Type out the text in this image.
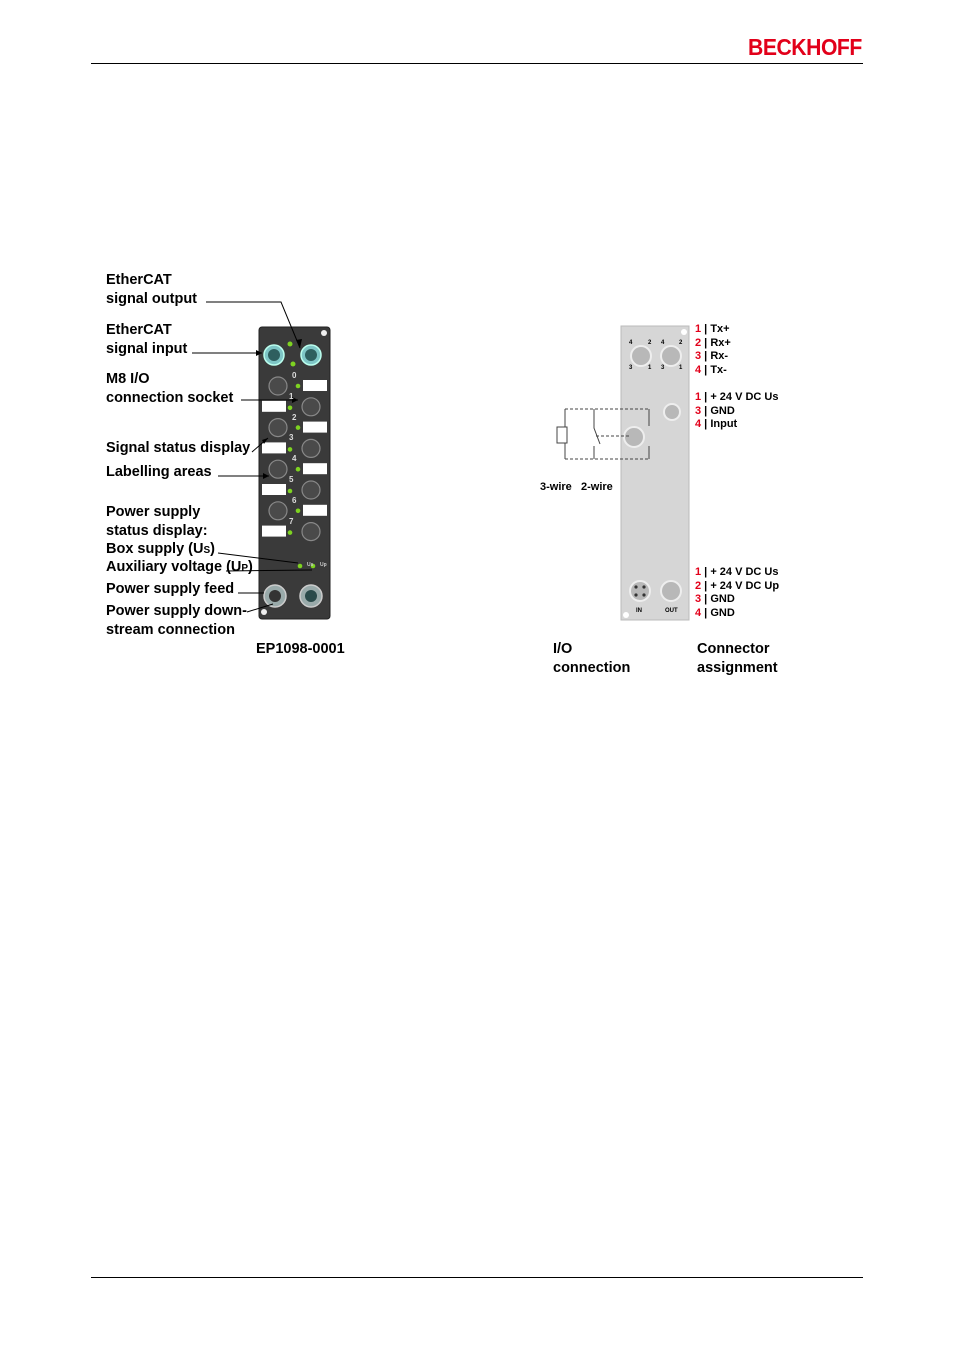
BECKHOFF
EtherCAT
signal output
EtherCAT
signal input
M8 I/O
connection socket
Signal status display
Labelling areas
Power supply
status display:
Box supply (US)
Auxiliary voltage (UP)
Power supply feed
Power supply down-
stream connection
EP1098-0001
Us Up
4	2 4 2
3	1 3 1
IN	OUT
1 | Tx+
2 | Rx+
3 | Rx-
4 | Tx-
1 | + 24 V DC Us
3 | GND
4 | Input
1 | + 24 V DC Us
2 | + 24 V DC Up
3 | GND
4 | GND
3-wire 2-wire
I/O
connection
Connector
assignment
0
1
2
3
4
5
6
7
